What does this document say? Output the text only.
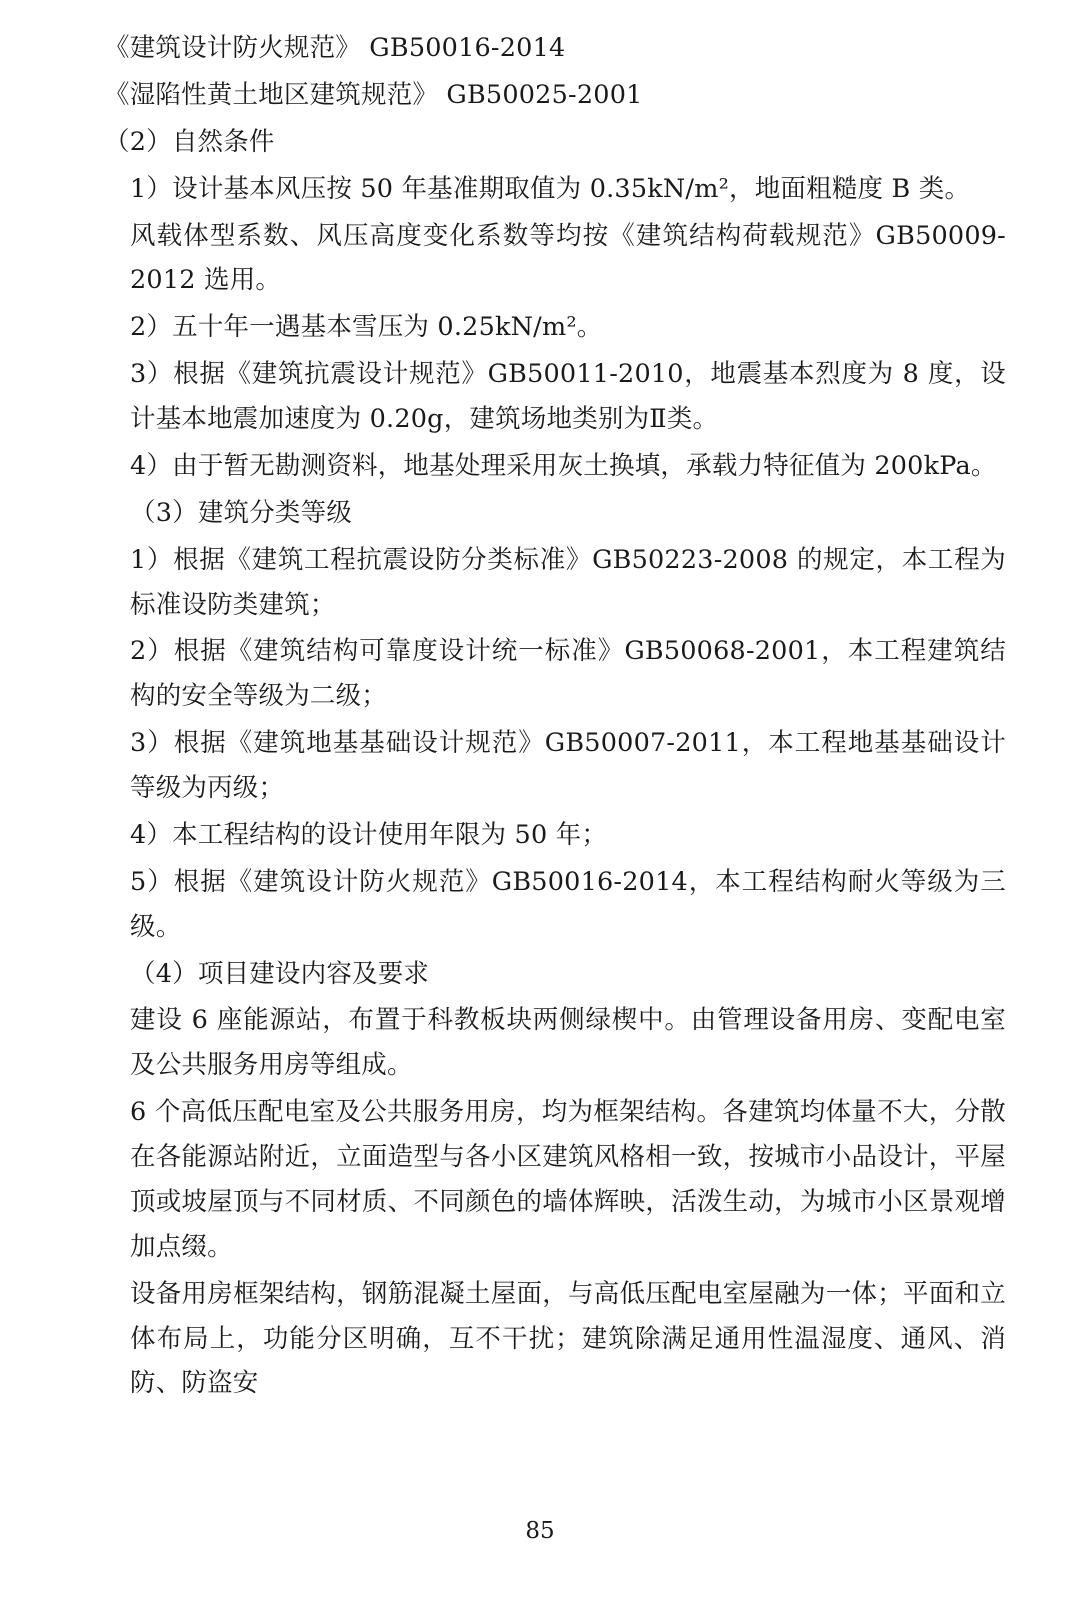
《建筑设计防火规范》 GB50016-2014

《湿陷性黄土地区建筑规范》 GB50025-2001

（2）自然条件

1）设计基本风压按 50 年基准期取值为 0.35kN/m²，地面粗糙度 B 类。

风载体型系数、风压高度变化系数等均按《建筑结构荷载规范》GB50009-2012 选用。

2）五十年一遇基本雪压为 0.25kN/m²。

3）根据《建筑抗震设计规范》GB50011-2010，地震基本烈度为 8 度，设计基本地震加速度为 0.20g，建筑场地类别为Ⅱ类。

4）由于暂无勘测资料，地基处理采用灰土换填，承载力特征值为 200kPa。

（3）建筑分类等级

1）根据《建筑工程抗震设防分类标准》GB50223-2008 的规定，本工程为标准设防类建筑；

2）根据《建筑结构可靠度设计统一标准》GB50068-2001，本工程建筑结构的安全等级为二级；

3）根据《建筑地基基础设计规范》GB50007-2011，本工程地基基础设计等级为丙级；

4）本工程结构的设计使用年限为 50 年；

5）根据《建筑设计防火规范》GB50016-2014，本工程结构耐火等级为三级。

（4）项目建设内容及要求

建设 6 座能源站，布置于科教板块两侧绿楔中。由管理设备用房、变配电室及公共服务用房等组成。

6 个高低压配电室及公共服务用房，均为框架结构。各建筑均体量不大，分散在各能源站附近，立面造型与各小区建筑风格相一致，按城市小品设计，平屋顶或坡屋顶与不同材质、不同颜色的墙体辉映，活泼生动，为城市小区景观增加点缀。

设备用房框架结构，钢筋混凝土屋面，与高低压配电室屋融为一体；平面和立体布局上，功能分区明确，互不干扰；建筑除满足通用性温湿度、通风、消防、防盗安

85
